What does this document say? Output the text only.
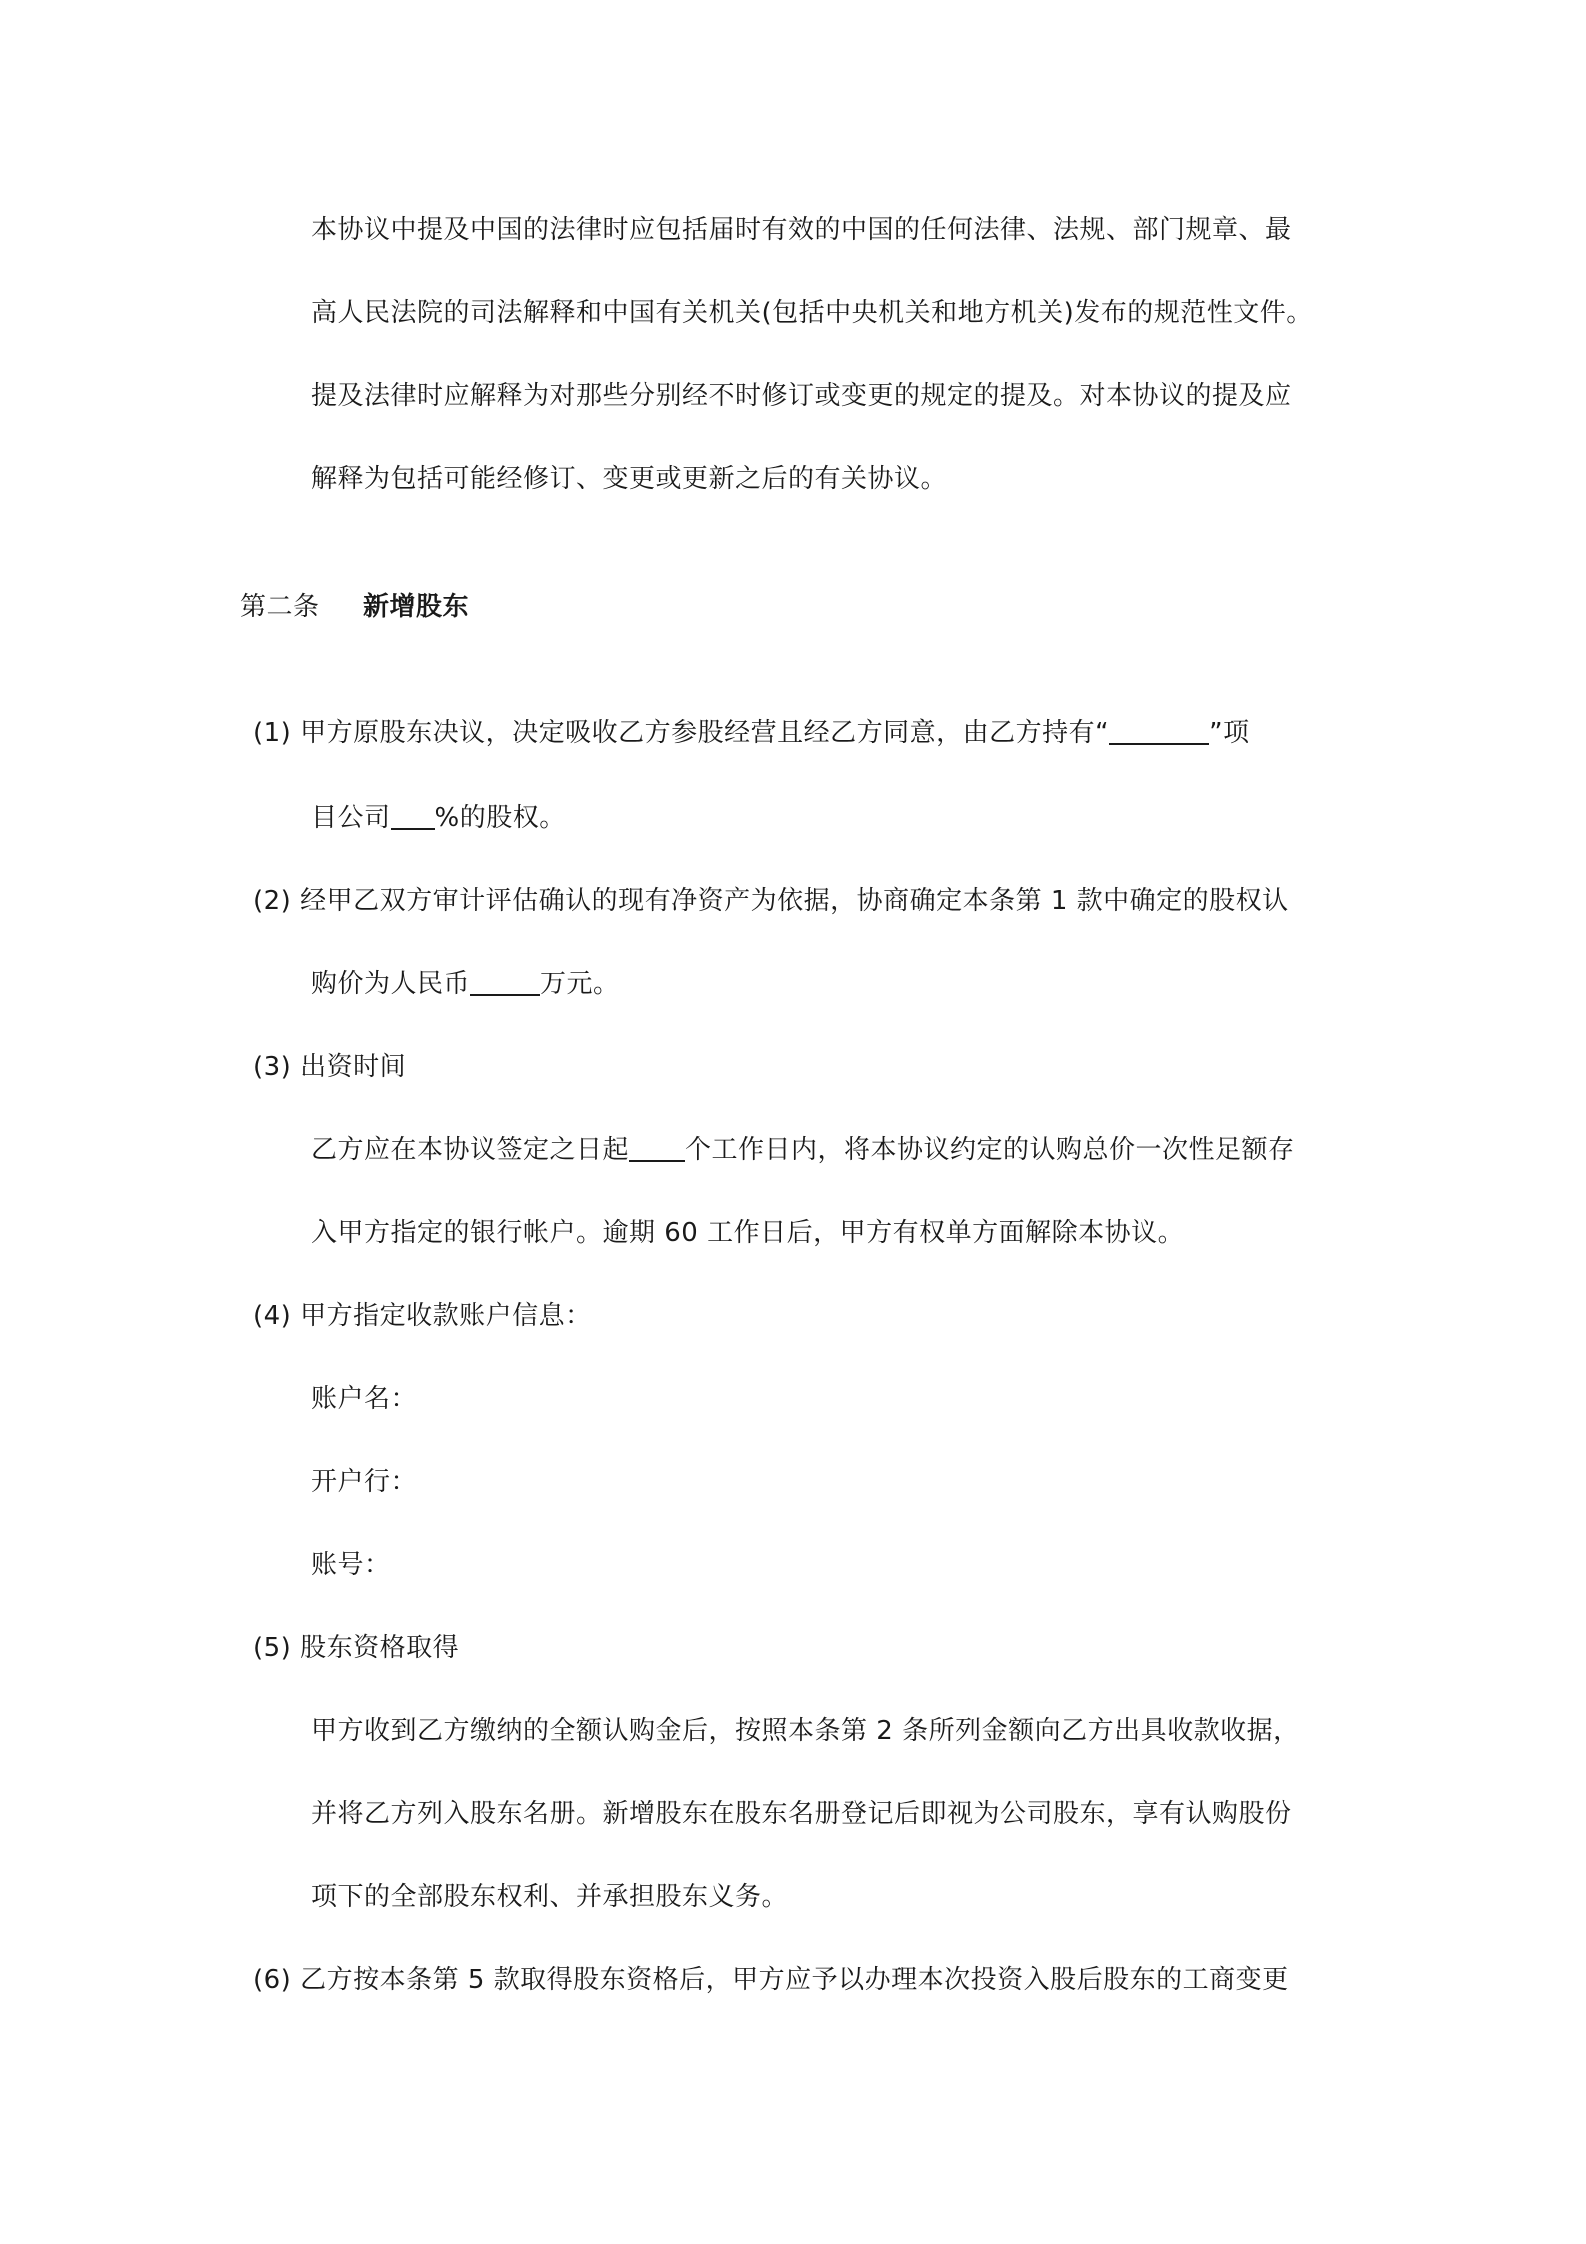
本协议中提及中国的法律时应包括届时有效的中国的任何法律、法规、部门规章、最
高人民法院的司法解释和中国有关机关(包括中央机关和地方机关)发布的规范性文件。
提及法律时应解释为对那些分别经不时修订或变更的规定的提及。对本协议的提及应
解释为包括可能经修订、变更或更新之后的有关协议。
第二条 新增股东
(1) 甲方原股东决议，决定吸收乙方参股经营且经乙方同意，由乙方持有“	”项
目公司 %的股权。
(2) 经甲乙双方审计评估确认的现有净资产为依据，协商确定本条第 1 款中确定的股权认
购价为人民币	万元。
(3) 出资时间
乙方应在本协议签定之日起 个工作日内，将本协议约定的认购总价一次性足额存
入甲方指定的银行帐户。逾期 60 工作日后，甲方有权单方面解除本协议。
(4) 甲方指定收款账户信息：
账户名：
开户行：
账号：
(5) 股东资格取得
甲方收到乙方缴纳的全额认购金后，按照本条第 2 条所列金额向乙方出具收款收据，
并将乙方列入股东名册。新增股东在股东名册登记后即视为公司股东，享有认购股份
项下的全部股东权利、并承担股东义务。
(6) 乙方按本条第 5 款取得股东资格后，甲方应予以办理本次投资入股后股东的工商变更
